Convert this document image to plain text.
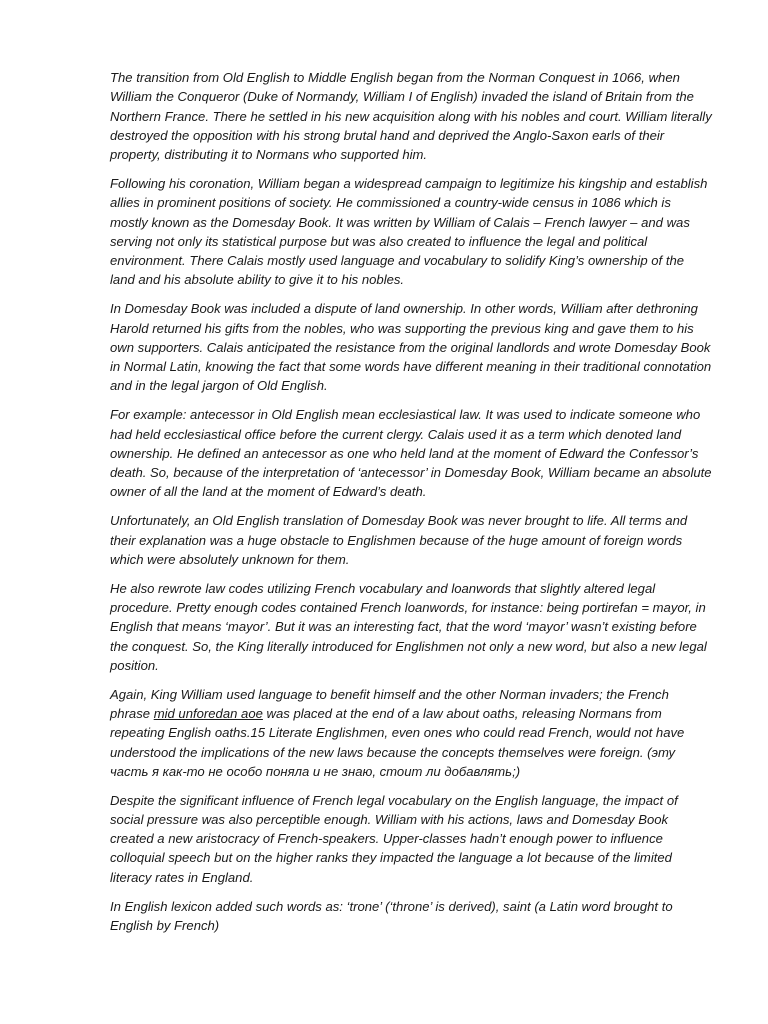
The transition from Old English to Middle English began from the Norman Conquest in 1066, when William the Conqueror (Duke of Normandy, William I of English) invaded the island of Britain from the Northern France. There he settled in his new acquisition along with his nobles and court. William literally destroyed the opposition with his strong brutal hand and deprived the Anglo-Saxon earls of their property, distributing it to Normans who supported him.

Following his coronation, William began a widespread campaign to legitimize his kingship and establish allies in prominent positions of society. He commissioned a country-wide census in 1086 which is mostly known as the Domesday Book. It was written by William of Calais – French lawyer – and was serving not only its statistical purpose but was also created to influence the legal and political environment. There Calais mostly used language and vocabulary to solidify King’s ownership of the land and his absolute ability to give it to his nobles.

In Domesday Book was included a dispute of land ownership. In other words, William after dethroning Harold returned his gifts from the nobles, who was supporting the previous king and gave them to his own supporters. Calais anticipated the resistance from the original landlords and wrote Domesday Book in Normal Latin, knowing the fact that some words have different meaning in their traditional connotation and in the legal jargon of Old English.

For example: antecessor in Old English mean ecclesiastical law. It was used to indicate someone who had held ecclesiastical office before the current clergy. Calais used it as a term which denoted land ownership. He defined an antecessor as one who held land at the moment of Edward the Confessor’s death. So, because of the interpretation of ‘antecessor’ in Domesday Book, William became an absolute owner of all the land at the moment of Edward’s death.

Unfortunately, an Old English translation of Domesday Book was never brought to life. All terms and their explanation was a huge obstacle to Englishmen because of the huge amount of foreign words which were absolutely unknown for them.

He also rewrote law codes utilizing French vocabulary and loanwords that slightly altered legal procedure. Pretty enough codes contained French loanwords, for instance: being portirefan = mayor, in English that means ‘mayor’. But it was an interesting fact, that the word ‘mayor’ wasn’t existing before the conquest. So, the King literally introduced for Englishmen not only a new word, but also a new legal position.

Again, King William used language to benefit himself and the other Norman invaders; the French phrase mid unforedan aoe was placed at the end of a law about oaths, releasing Normans from repeating English oaths.15 Literate Englishmen, even ones who could read French, would not have understood the implications of the new laws because the concepts themselves were foreign. (эту часть я как-то не особо поняла и не знаю, стоит ли добавлять;)

Despite the significant influence of French legal vocabulary on the English language, the impact of social pressure was also perceptible enough. William with his actions, laws and Domesday Book created a new aristocracy of French-speakers. Upper-classes hadn’t enough power to influence colloquial speech but on the higher ranks they impacted the language a lot because of the limited literacy rates in England.

In English lexicon added such words as: ‘trone’ (‘throne’ is derived), saint (a Latin word brought to English by French)
